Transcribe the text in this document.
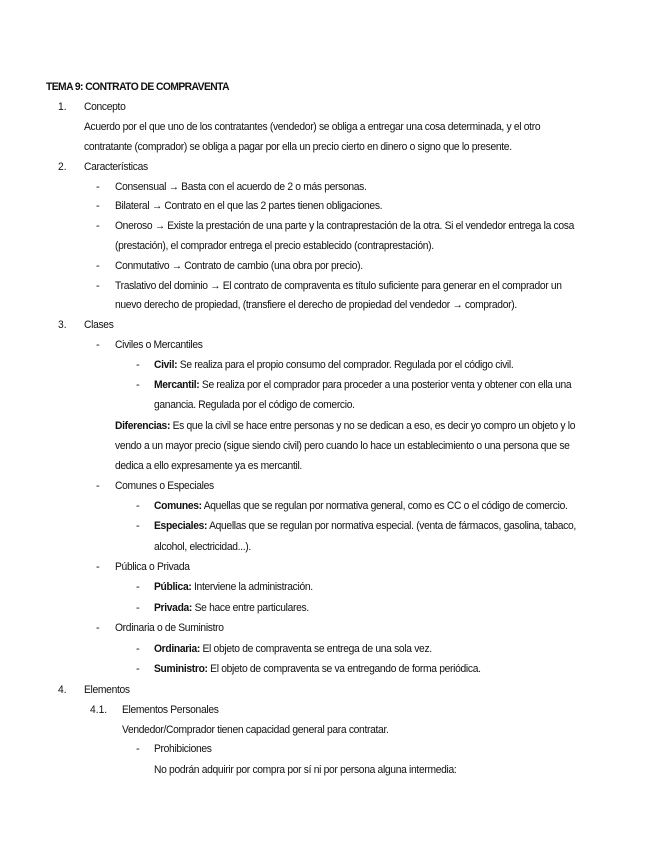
TEMA 9: CONTRATO DE COMPRAVENTA
1. Concepto
Acuerdo por el que uno de los contratantes (vendedor) se obliga a entregar una cosa determinada, y el otro
contratante (comprador) se obliga a pagar por ella un precio cierto en dinero o signo que lo presente.
2. Características
- Consensual → Basta con el acuerdo de 2 o más personas.
- Bilateral → Contrato en el que las 2 partes tienen obligaciones.
- Oneroso → Existe la prestación de una parte y la contraprestación de la otra. Si el vendedor entrega la cosa
(prestación), el comprador entrega el precio establecido (contraprestación).
- Conmutativo → Contrato de cambio (una obra por precio).
- Traslativo del dominio → El contrato de compraventa es título suficiente para generar en el comprador un
nuevo derecho de propiedad, (transfiere el derecho de propiedad del vendedor → comprador).
3. Clases
- Civiles o Mercantiles
- Civil: Se realiza para el propio consumo del comprador. Regulada por el código civil.
- Mercantil: Se realiza por el comprador para proceder a una posterior venta y obtener con ella una
ganancia. Regulada por el código de comercio.
Diferencias: Es que la civil se hace entre personas y no se dedican a eso, es decir yo compro un objeto y lo
vendo a un mayor precio (sigue siendo civil) pero cuando lo hace un establecimiento o una persona que se
dedica a ello expresamente ya es mercantil.
- Comunes o Especiales
- Comunes: Aquellas que se regulan por normativa general, como es CC o el código de comercio.
- Especiales: Aquellas que se regulan por normativa especial. (venta de fármacos, gasolina, tabaco,
alcohol, electricidad...).
- Pública o Privada
- Pública: Interviene la administración.
- Privada: Se hace entre particulares.
- Ordinaria o de Suministro
- Ordinaria: El objeto de compraventa se entrega de una sola vez.
- Suministro: El objeto de compraventa se va entregando de forma periódica.
4. Elementos
4.1. Elementos Personales
Vendedor/Comprador tienen capacidad general para contratar.
- Prohibiciones
No podrán adquirir por compra por sí ni por persona alguna intermedia:
